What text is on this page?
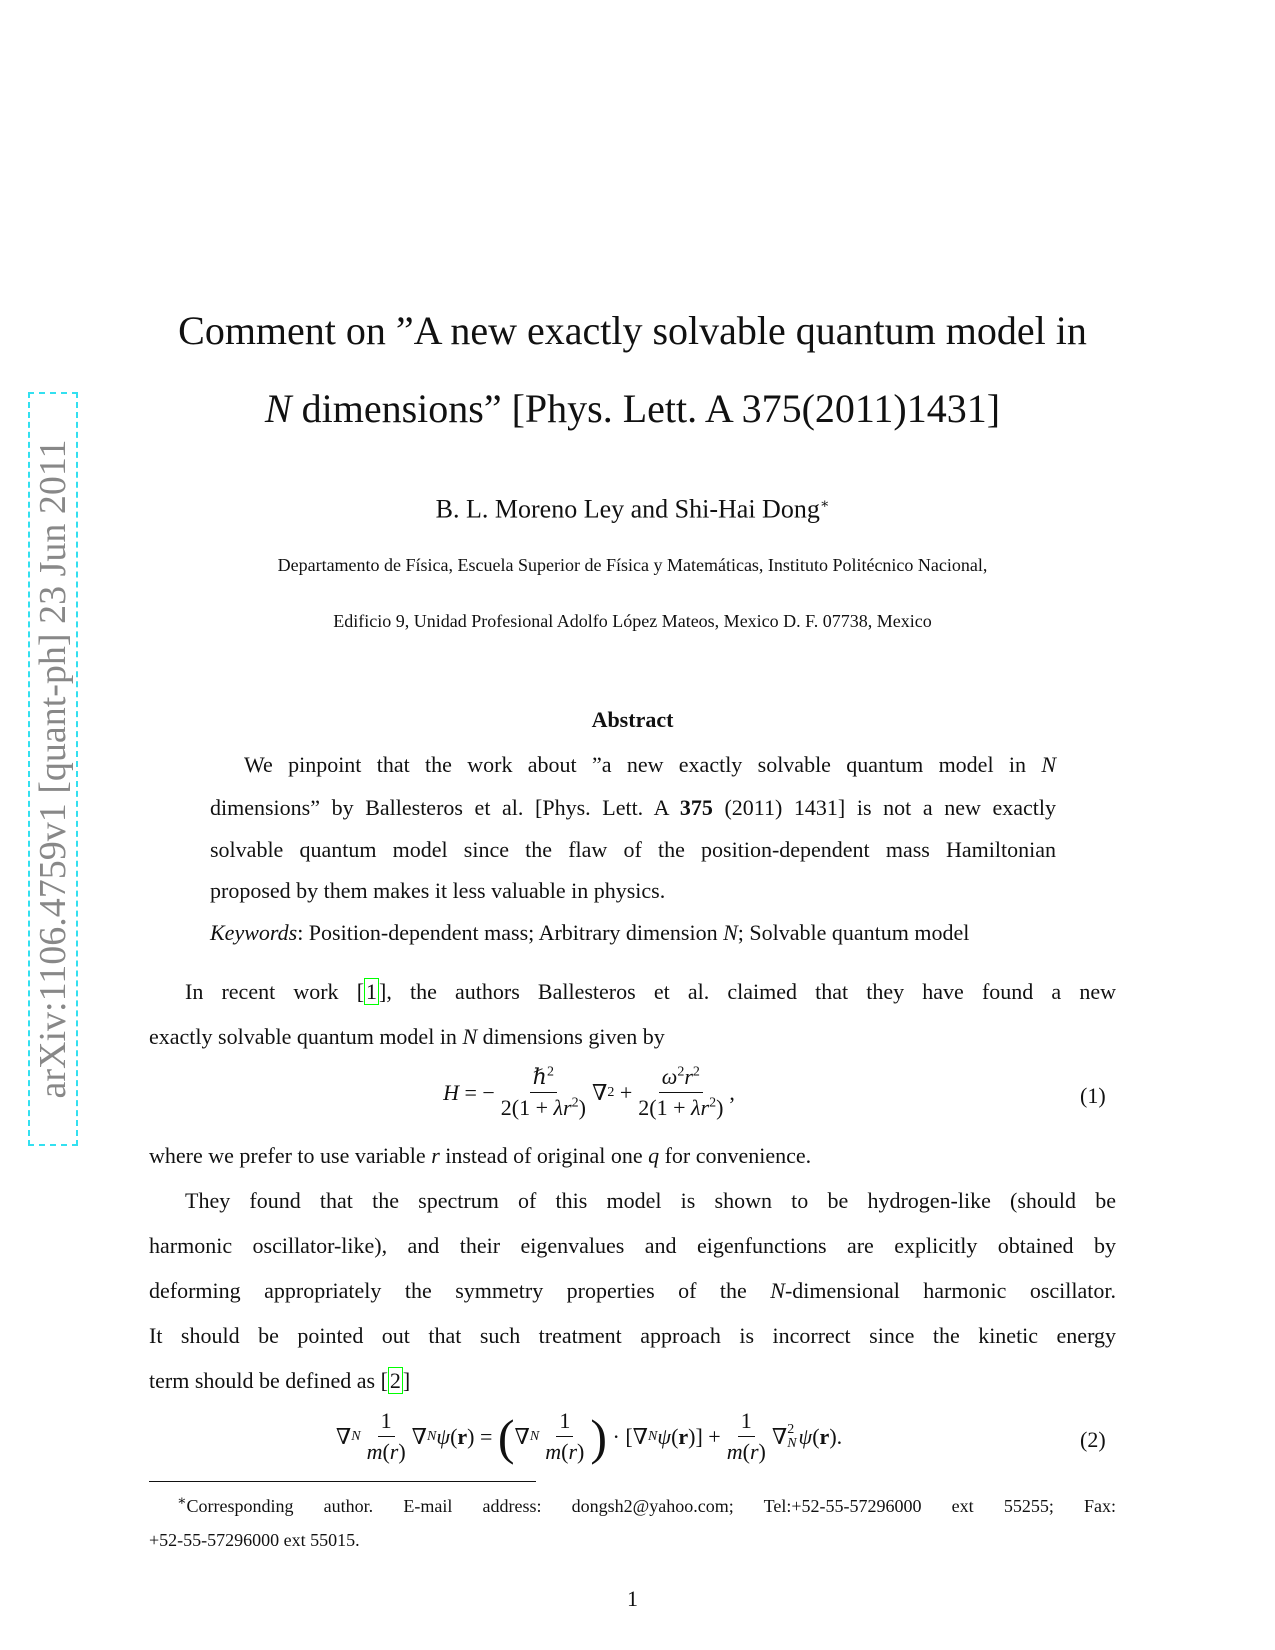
arXiv:1106.4759v1 [quant-ph] 23 Jun 2011
Comment on ”A new exactly solvable quantum model in
N dimensions” [Phys. Lett. A 375(2011)1431]
B. L. Moreno Ley and Shi-Hai Dong∗
Departamento de Física, Escuela Superior de Física y Matemáticas, Instituto Politécnico Nacional,
Edificio 9, Unidad Profesional Adolfo López Mateos, Mexico D. F. 07738, Mexico
Abstract
We pinpoint that the work about ”a new exactly solvable quantum model in N
dimensions” by Ballesteros et al. [Phys. Lett. A 375 (2011) 1431] is not a new exactly
solvable quantum model since the flaw of the position-dependent mass Hamiltonian
proposed by them makes it less valuable in physics.
Keywords: Position-dependent mass; Arbitrary dimension N; Solvable quantum model
In recent work [1], the authors Ballesteros et al. claimed that they have found a new
exactly solvable quantum model in N dimensions given by
H = − $\frac{\hbar^2}{2(1 + \lambda r^2)}$ ∇ $2 + \frac{\omega^2r^2}{2(1 + \lambda r^2)}$ ,	(1)
where we prefer to use variable r instead of original one q for convenience.
They found that the spectrum of this model is shown to be hydrogen-like (should be
harmonic oscillator-like), and their eigenvalues and eigenfunctions are explicitly obtained by
deforming appropriately the symmetry properties of the N-dimensional harmonic oscillator.
It should be pointed out that such treatment approach is incorrect since the kinetic energy
term should be defined as [2]
∇ N $\frac{1}{m(r)}$ ∇ N ψ ( r ) = ( ∇ N $\frac{1}{m(r)}$ ) · [∇ N ψ ( r )] + $\frac{1}{m(r)}$ ∇ 2
N ψ ( r ).	(2)
∗Corresponding author. E-mail address: dongsh2@yahoo.com; Tel:+52-55-57296000 ext 55255; Fax:
+52-55-57296000 ext 55015.
1
